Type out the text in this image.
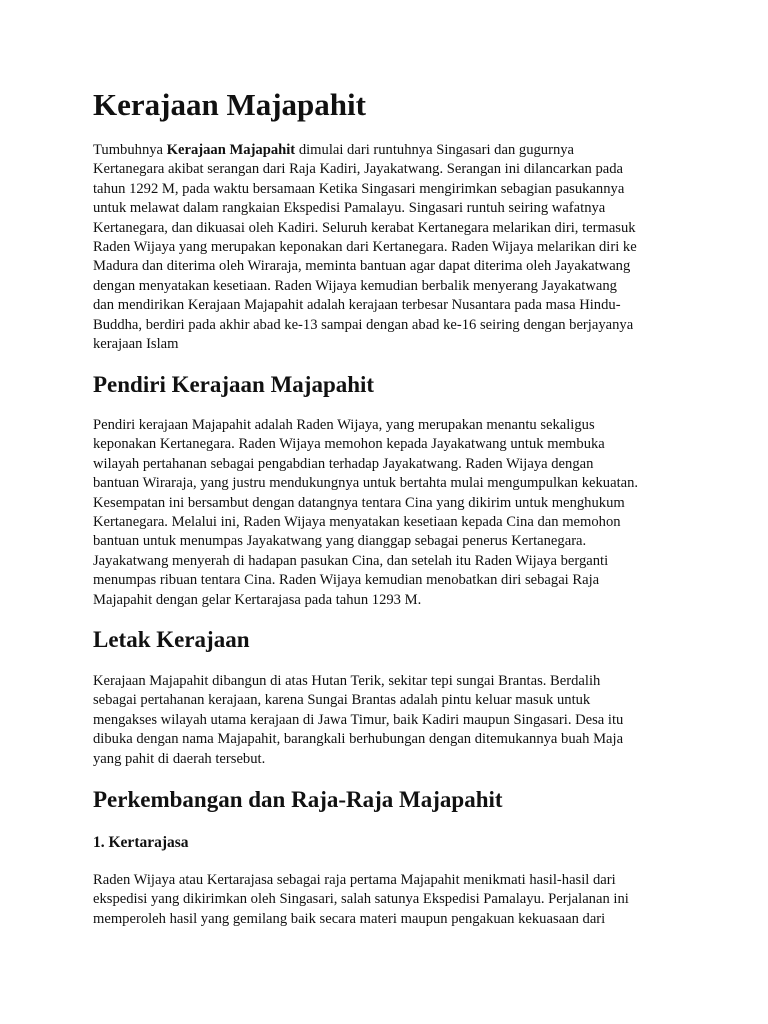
Kerajaan Majapahit
Tumbuhnya Kerajaan Majapahit dimulai dari runtuhnya Singasari dan gugurnya
Kertanegara akibat serangan dari Raja Kadiri, Jayakatwang. Serangan ini dilancarkan pada
tahun 1292 M, pada waktu bersamaan Ketika Singasari mengirimkan sebagian pasukannya
untuk melawat dalam rangkaian Ekspedisi Pamalayu. Singasari runtuh seiring wafatnya
Kertanegara, dan dikuasai oleh Kadiri. Seluruh kerabat Kertanegara melarikan diri, termasuk
Raden Wijaya yang merupakan keponakan dari Kertanegara. Raden Wijaya melarikan diri ke
Madura dan diterima oleh Wiraraja, meminta bantuan agar dapat diterima oleh Jayakatwang
dengan menyatakan kesetiaan. Raden Wijaya kemudian berbalik menyerang Jayakatwang
dan mendirikan Kerajaan Majapahit adalah kerajaan terbesar Nusantara pada masa Hindu-
Buddha, berdiri pada akhir abad ke-13 sampai dengan abad ke-16 seiring dengan berjayanya
kerajaan Islam
Pendiri Kerajaan Majapahit
Pendiri kerajaan Majapahit adalah Raden Wijaya, yang merupakan menantu sekaligus
keponakan Kertanegara. Raden Wijaya memohon kepada Jayakatwang untuk membuka
wilayah pertahanan sebagai pengabdian terhadap Jayakatwang. Raden Wijaya dengan
bantuan Wiraraja, yang justru mendukungnya untuk bertahta mulai mengumpulkan kekuatan.
Kesempatan ini bersambut dengan datangnya tentara Cina yang dikirim untuk menghukum
Kertanegara. Melalui ini, Raden Wijaya menyatakan kesetiaan kepada Cina dan memohon
bantuan untuk menumpas Jayakatwang yang dianggap sebagai penerus Kertanegara.
Jayakatwang menyerah di hadapan pasukan Cina, dan setelah itu Raden Wijaya berganti
menumpas ribuan tentara Cina. Raden Wijaya kemudian menobatkan diri sebagai Raja
Majapahit dengan gelar Kertarajasa pada tahun 1293 M.
Letak Kerajaan
Kerajaan Majapahit dibangun di atas Hutan Terik, sekitar tepi sungai Brantas. Berdalih
sebagai pertahanan kerajaan, karena Sungai Brantas adalah pintu keluar masuk untuk
mengakses wilayah utama kerajaan di Jawa Timur, baik Kadiri maupun Singasari. Desa itu
dibuka dengan nama Majapahit, barangkali berhubungan dengan ditemukannya buah Maja
yang pahit di daerah tersebut.
Perkembangan dan Raja-Raja Majapahit
1. Kertarajasa
Raden Wijaya atau Kertarajasa sebagai raja pertama Majapahit menikmati hasil-hasil dari
ekspedisi yang dikirimkan oleh Singasari, salah satunya Ekspedisi Pamalayu. Perjalanan ini
memperoleh hasil yang gemilang baik secara materi maupun pengakuan kekuasaan dari
